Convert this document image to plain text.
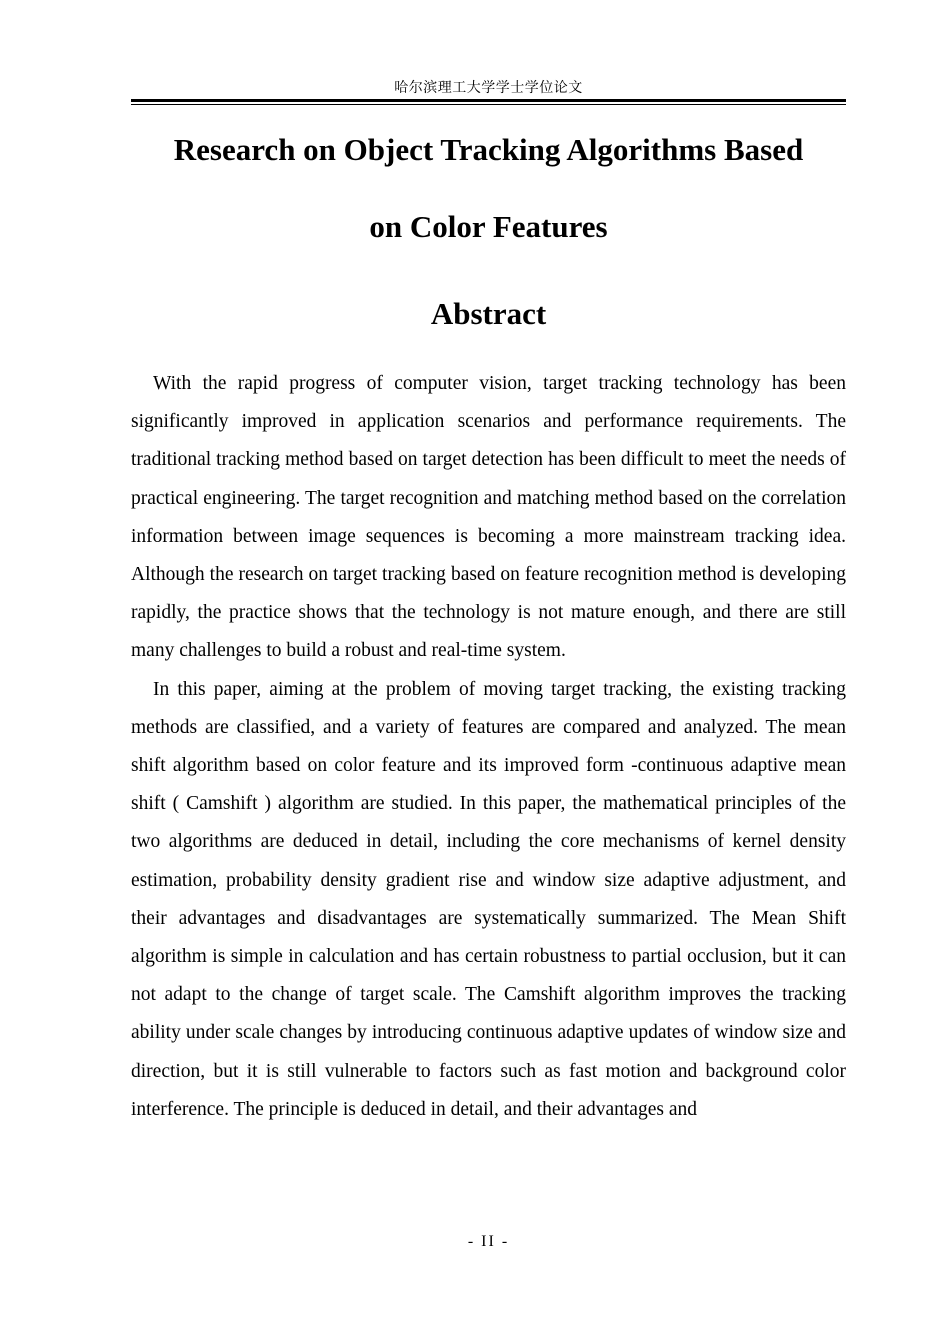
哈尔滨理工大学学士学位论文
Research on Object Tracking Algorithms Based
on Color Features
Abstract

With the rapid progress of computer vision, target tracking technology has been significantly improved in application scenarios and performance requirements. The traditional tracking method based on target detection has been difficult to meet the needs of practical engineering. The target recognition and matching method based on the correlation information between image sequences is becoming a more mainstream tracking idea. Although the research on target tracking based on feature recognition method is developing rapidly, the practice shows that the technology is not mature enough, and there are still many challenges to build a robust and real-time system.

In this paper, aiming at the problem of moving target tracking, the existing tracking methods are classified, and a variety of features are compared and analyzed. The mean shift algorithm based on color feature and its improved form -continuous adaptive mean shift ( Camshift ) algorithm are studied. In this paper, the mathematical principles of the two algorithms are deduced in detail, including the core mechanisms of kernel density estimation, probability density gradient rise and window size adaptive adjustment, and their advantages and disadvantages are systematically summarized. The Mean Shift algorithm is simple in calculation and has certain robustness to partial occlusion, but it can not adapt to the change of target scale. The Camshift algorithm improves the tracking ability under scale changes by introducing continuous adaptive updates of window size and direction, but it is still vulnerable to factors such as fast motion and background color interference. The principle is deduced in detail, and their advantages and

- II -
